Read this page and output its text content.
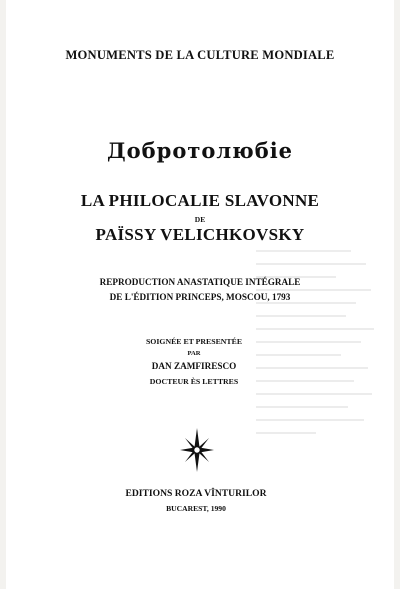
MONUMENTS DE LA CULTURE MONDIALE
Добротолюбіе
LA PHILOCALIE SLAVONNE
DE
PAÏSSY VELICHKOVSKY
REPRODUCTION ANASTATIQUE INTÉGRALE
DE L'ÉDITION PRINCEPS, MOSCOU, 1793
SOIGNÉE ET PRESENTÉE
PAR
DAN ZAMFIRESCO
DOCTEUR ÈS LETTRES
EDITIONS ROZA VÎNTURILOR
BUCAREST, 1990
